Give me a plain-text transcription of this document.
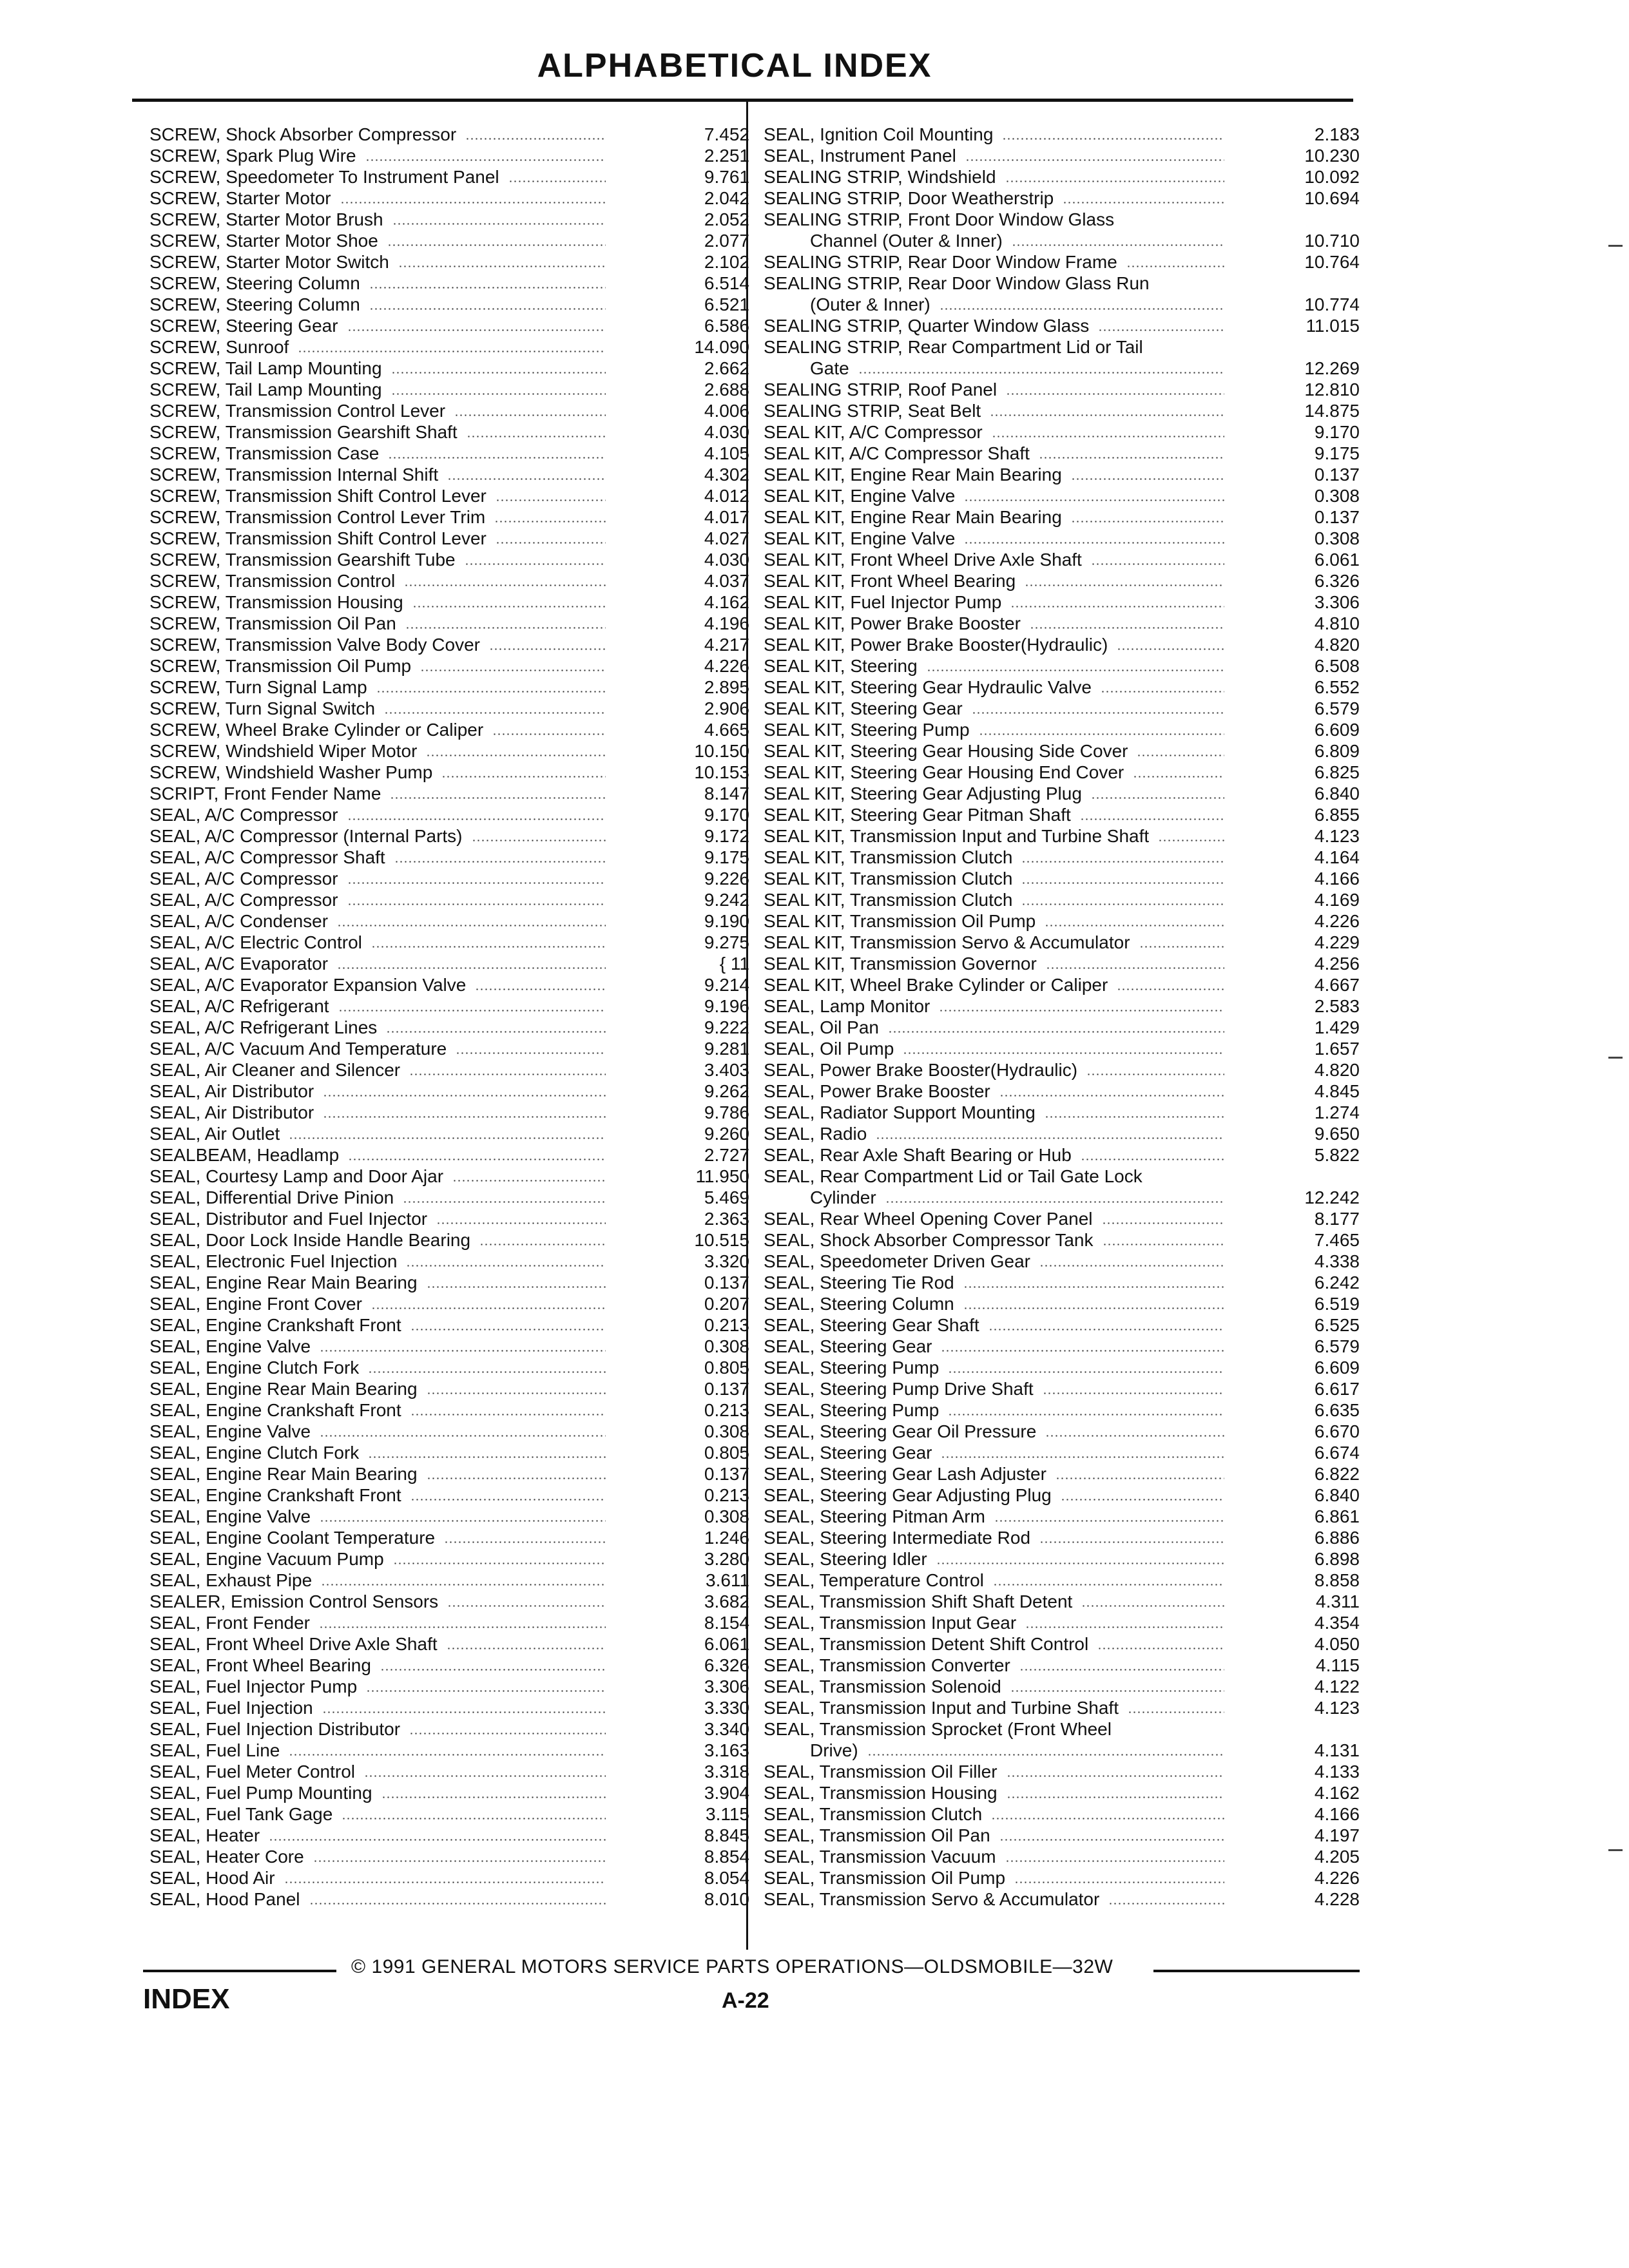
ALPHABETICAL INDEX
SCREW, Shock Absorber Compressor	7.452
SCREW, Spark Plug Wire	2.251
SCREW, Speedometer To Instrument Panel	9.761
SCREW, Starter Motor	2.042
SCREW, Starter Motor Brush	2.052
SCREW, Starter Motor Shoe	2.077
SCREW, Starter Motor Switch	2.102
SCREW, Steering Column	6.514
SCREW, Steering Column	6.521
SCREW, Steering Gear	6.586
SCREW, Sunroof	14.090
SCREW, Tail Lamp Mounting	2.662
SCREW, Tail Lamp Mounting	2.688
SCREW, Transmission Control Lever	4.006
SCREW, Transmission Gearshift Shaft	4.030
SCREW, Transmission Case	4.105
SCREW, Transmission Internal Shift	4.302
SCREW, Transmission Shift Control Lever	4.012
SCREW, Transmission Control Lever Trim	4.017
SCREW, Transmission Shift Control Lever	4.027
SCREW, Transmission Gearshift Tube	4.030
SCREW, Transmission Control	4.037
SCREW, Transmission Housing	4.162
SCREW, Transmission Oil Pan	4.196
SCREW, Transmission Valve Body Cover	4.217
SCREW, Transmission Oil Pump	4.226
SCREW, Turn Signal Lamp	2.895
SCREW, Turn Signal Switch	2.906
SCREW, Wheel Brake Cylinder or Caliper	4.665
SCREW, Windshield Wiper Motor	10.150
SCREW, Windshield Washer Pump	10.153
SCRIPT, Front Fender Name	8.147
SEAL, A/C Compressor	9.170
SEAL, A/C Compressor (Internal Parts)	9.172
SEAL, A/C Compressor Shaft	9.175
SEAL, A/C Compressor	9.226
SEAL, A/C Compressor	9.242
SEAL, A/C Condenser	9.190
SEAL, A/C Electric Control	9.275
SEAL, A/C Evaporator	{ 11
SEAL, A/C Evaporator Expansion Valve	9.214
SEAL, A/C Refrigerant	9.196
SEAL, A/C Refrigerant Lines	9.222
SEAL, A/C Vacuum And Temperature	9.281
SEAL, Air Cleaner and Silencer	3.403
SEAL, Air Distributor	9.262
SEAL, Air Distributor	9.786
SEAL, Air Outlet	9.260
SEALBEAM, Headlamp	2.727
SEAL, Courtesy Lamp and Door Ajar	11.950
SEAL, Differential Drive Pinion	5.469
SEAL, Distributor and Fuel Injector	2.363
SEAL, Door Lock Inside Handle Bearing	10.515
SEAL, Electronic Fuel Injection	3.320
SEAL, Engine Rear Main Bearing	0.137
SEAL, Engine Front Cover	0.207
SEAL, Engine Crankshaft Front	0.213
SEAL, Engine Valve	0.308
SEAL, Engine Clutch Fork	0.805
SEAL, Engine Rear Main Bearing	0.137
SEAL, Engine Crankshaft Front	0.213
SEAL, Engine Valve	0.308
SEAL, Engine Clutch Fork	0.805
SEAL, Engine Rear Main Bearing	0.137
SEAL, Engine Crankshaft Front	0.213
SEAL, Engine Valve	0.308
SEAL, Engine Coolant Temperature	1.246
SEAL, Engine Vacuum Pump	3.280
SEAL, Exhaust Pipe	3.611
SEALER, Emission Control Sensors	3.682
SEAL, Front Fender	8.154
SEAL, Front Wheel Drive Axle Shaft	6.061
SEAL, Front Wheel Bearing	6.326
SEAL, Fuel Injector Pump	3.306
SEAL, Fuel Injection	3.330
SEAL, Fuel Injection Distributor	3.340
SEAL, Fuel Line	3.163
SEAL, Fuel Meter Control	3.318
SEAL, Fuel Pump Mounting	3.904
SEAL, Fuel Tank Gage	3.115
SEAL, Heater	8.845
SEAL, Heater Core	8.854
SEAL, Hood Air	8.054
SEAL, Hood Panel	8.010
SEAL, Ignition Coil Mounting	2.183
SEAL, Instrument Panel	10.230
SEALING STRIP, Windshield	10.092
SEALING STRIP, Door Weatherstrip	10.694
SEALING STRIP, Front Door Window Glass
Channel (Outer & Inner)	10.710
SEALING STRIP, Rear Door Window Frame	10.764
SEALING STRIP, Rear Door Window Glass Run
(Outer & Inner)	10.774
SEALING STRIP, Quarter Window Glass	11.015
SEALING STRIP, Rear Compartment Lid or Tail
Gate	12.269
SEALING STRIP, Roof Panel	12.810
SEALING STRIP, Seat Belt	14.875
SEAL KIT, A/C Compressor	9.170
SEAL KIT, A/C Compressor Shaft	9.175
SEAL KIT, Engine Rear Main Bearing	0.137
SEAL KIT, Engine Valve	0.308
SEAL KIT, Engine Rear Main Bearing	0.137
SEAL KIT, Engine Valve	0.308
SEAL KIT, Front Wheel Drive Axle Shaft	6.061
SEAL KIT, Front Wheel Bearing	6.326
SEAL KIT, Fuel Injector Pump	3.306
SEAL KIT, Power Brake Booster	4.810
SEAL KIT, Power Brake Booster(Hydraulic)	4.820
SEAL KIT, Steering	6.508
SEAL KIT, Steering Gear Hydraulic Valve	6.552
SEAL KIT, Steering Gear	6.579
SEAL KIT, Steering Pump	6.609
SEAL KIT, Steering Gear Housing Side Cover	6.809
SEAL KIT, Steering Gear Housing End Cover	6.825
SEAL KIT, Steering Gear Adjusting Plug	6.840
SEAL KIT, Steering Gear Pitman Shaft	6.855
SEAL KIT, Transmission Input and Turbine Shaft	4.123
SEAL KIT, Transmission Clutch	4.164
SEAL KIT, Transmission Clutch	4.166
SEAL KIT, Transmission Clutch	4.169
SEAL KIT, Transmission Oil Pump	4.226
SEAL KIT, Transmission Servo & Accumulator	4.229
SEAL KIT, Transmission Governor	4.256
SEAL KIT, Wheel Brake Cylinder or Caliper	4.667
SEAL, Lamp Monitor	2.583
SEAL, Oil Pan	1.429
SEAL, Oil Pump	1.657
SEAL, Power Brake Booster(Hydraulic)	4.820
SEAL, Power Brake Booster	4.845
SEAL, Radiator Support Mounting	1.274
SEAL, Radio	9.650
SEAL, Rear Axle Shaft Bearing or Hub	5.822
SEAL, Rear Compartment Lid or Tail Gate Lock
Cylinder	12.242
SEAL, Rear Wheel Opening Cover Panel	8.177
SEAL, Shock Absorber Compressor Tank	7.465
SEAL, Speedometer Driven Gear	4.338
SEAL, Steering Tie Rod	6.242
SEAL, Steering Column	6.519
SEAL, Steering Gear Shaft	6.525
SEAL, Steering Gear	6.579
SEAL, Steering Pump	6.609
SEAL, Steering Pump Drive Shaft	6.617
SEAL, Steering Pump	6.635
SEAL, Steering Gear Oil Pressure	6.670
SEAL, Steering Gear	6.674
SEAL, Steering Gear Lash Adjuster	6.822
SEAL, Steering Gear Adjusting Plug	6.840
SEAL, Steering Pitman Arm	6.861
SEAL, Steering Intermediate Rod	6.886
SEAL, Steering Idler	6.898
SEAL, Temperature Control	8.858
SEAL, Transmission Shift Shaft Detent	4.311
SEAL, Transmission Input Gear	4.354
SEAL, Transmission Detent Shift Control	4.050
SEAL, Transmission Converter	4.115
SEAL, Transmission Solenoid	4.122
SEAL, Transmission Input and Turbine Shaft	4.123
SEAL, Transmission Sprocket (Front Wheel
Drive)	4.131
SEAL, Transmission Oil Filler	4.133
SEAL, Transmission Housing	4.162
SEAL, Transmission Clutch	4.166
SEAL, Transmission Oil Pan	4.197
SEAL, Transmission Vacuum	4.205
SEAL, Transmission Oil Pump	4.226
SEAL, Transmission Servo & Accumulator	4.228
© 1991 GENERAL MOTORS SERVICE PARTS OPERATIONS—OLDSMOBILE—32W
INDEX	A-22
